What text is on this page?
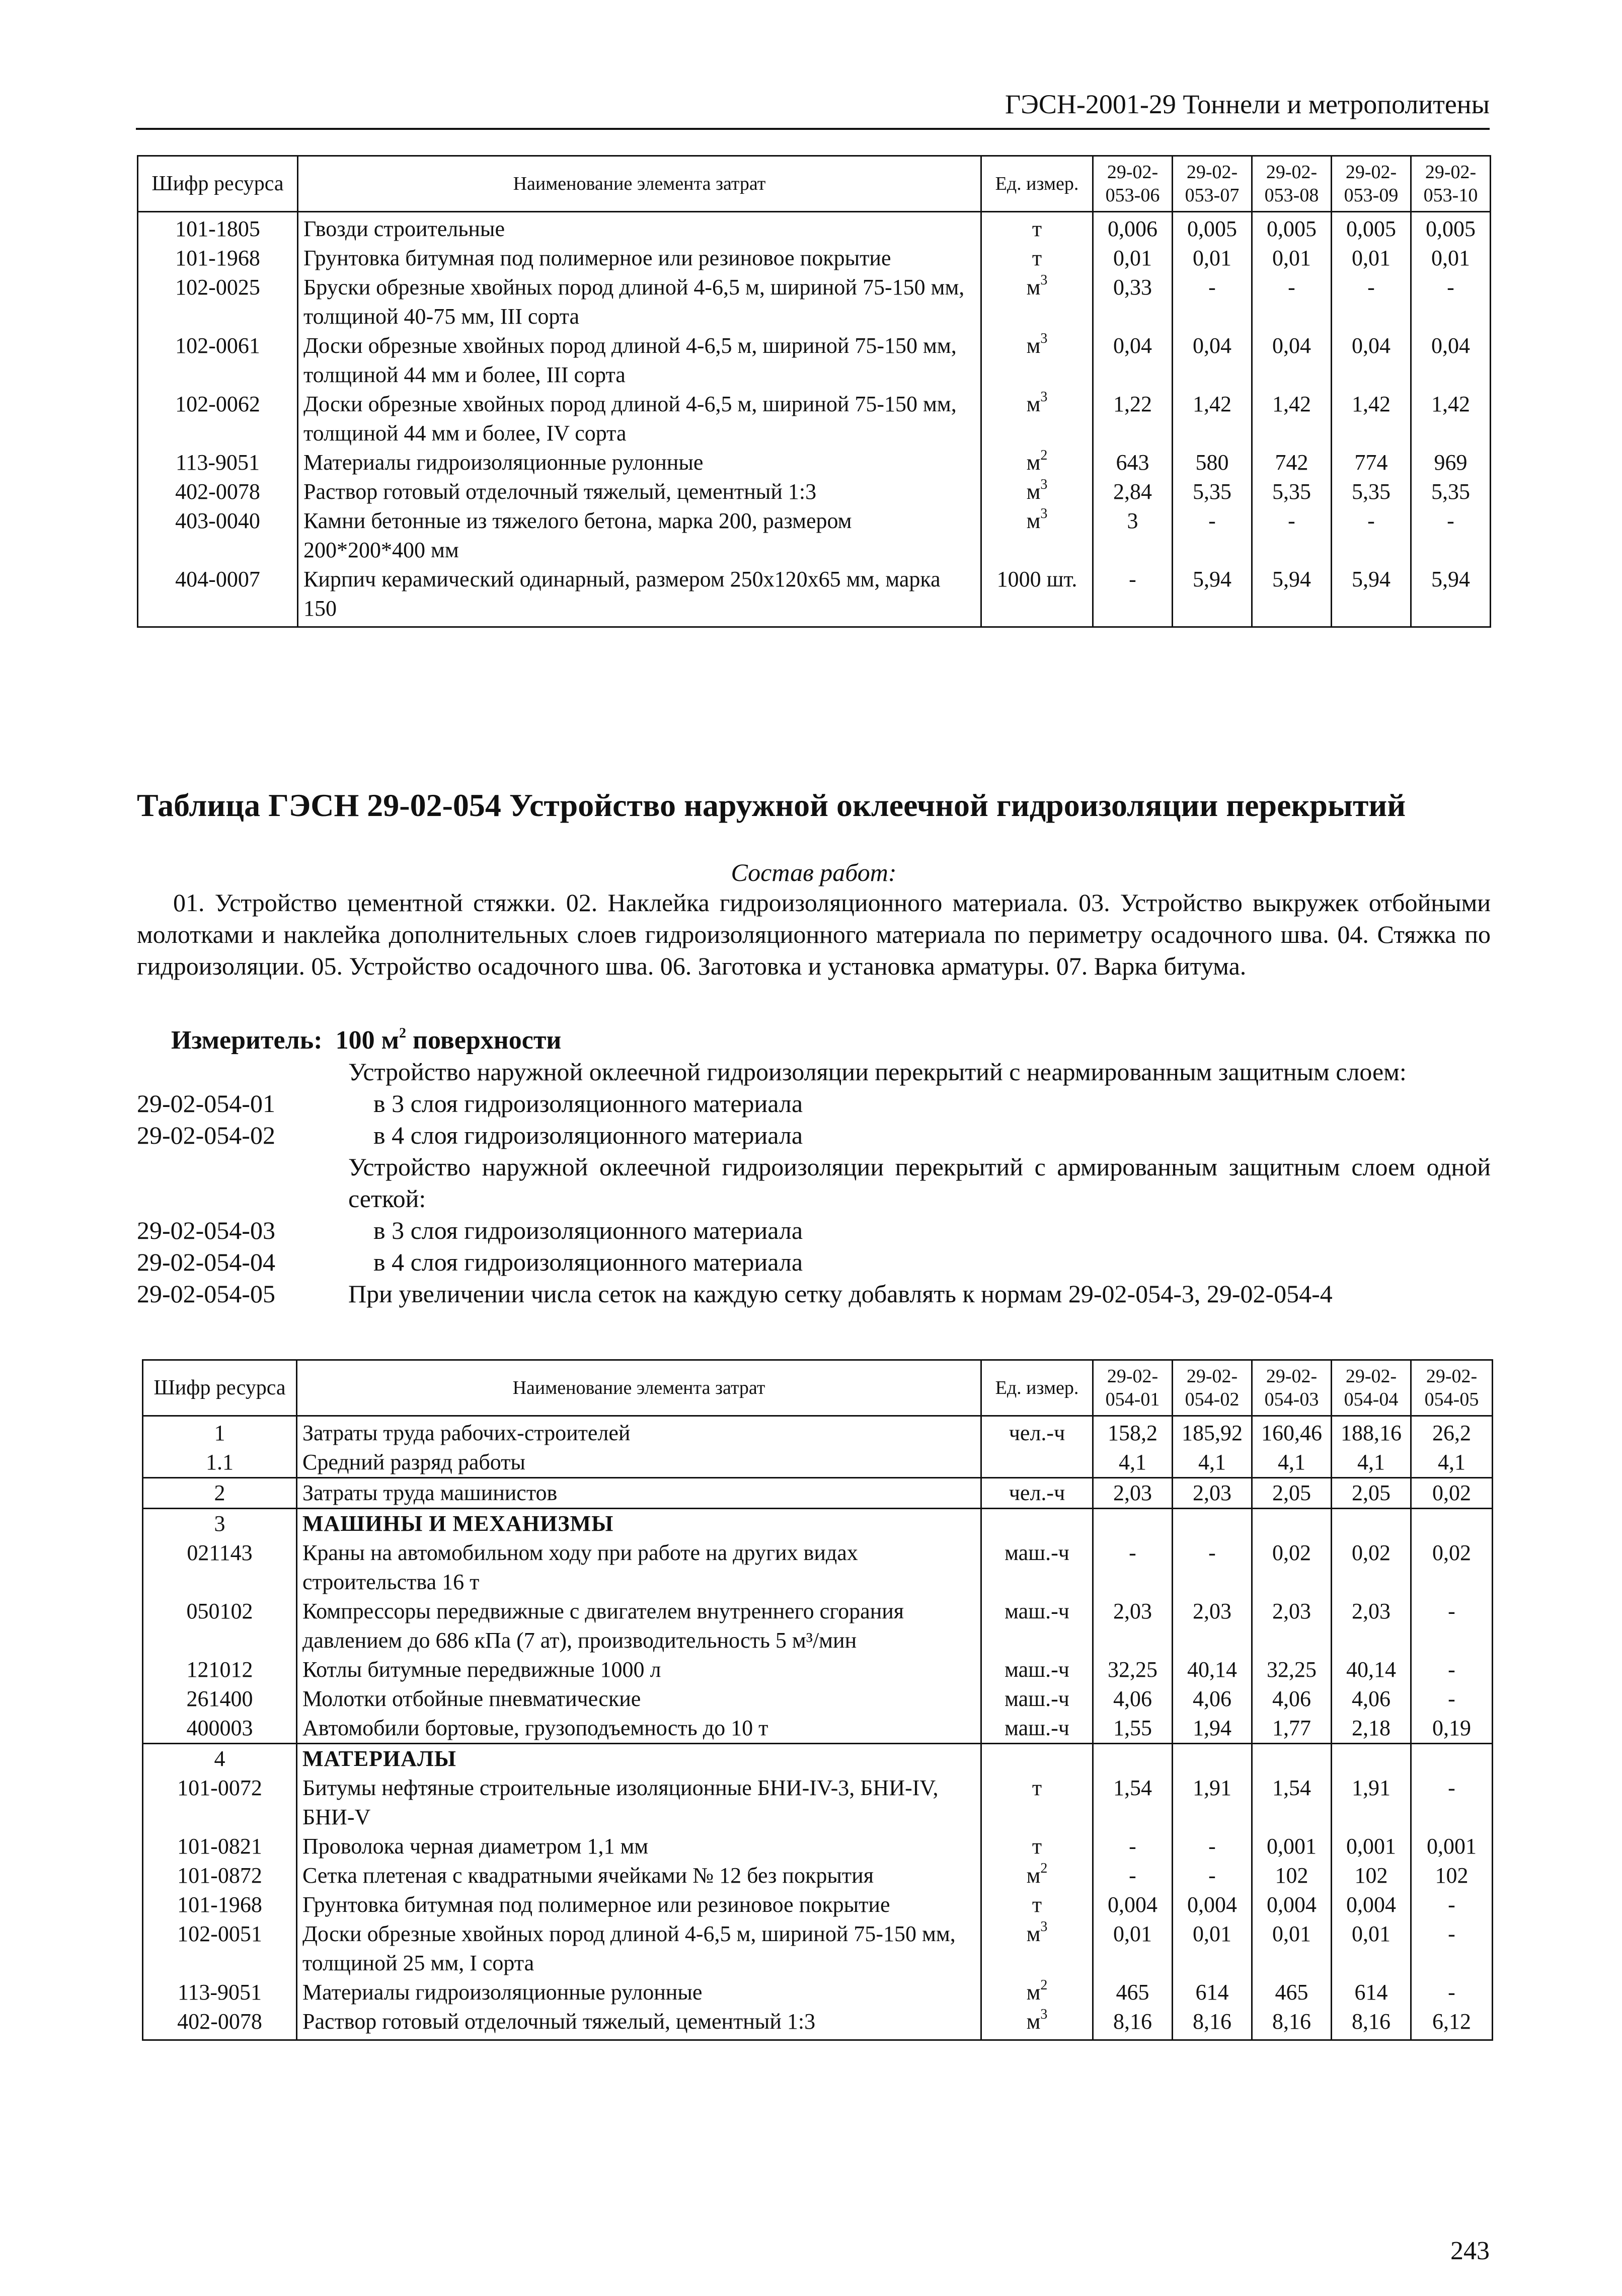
ГЭСН-2001-29 Тоннели и метрополитены
Шифр ресурса	Наименование элемента затрат	Ед. измер.	29-02-053-06	29-02-053-07	29-02-053-08	29-02-053-09	29-02-053-10
101-1805	Гвозди строительные	т	0,006	0,005	0,005	0,005	0,005
101-1968	Грунтовка битумная под полимерное или резиновое покрытие	т	0,01	0,01	0,01	0,01	0,01
102-0025	Бруски обрезные хвойных пород длиной 4-6,5 м, шириной 75-150 мм, толщиной 40-75 мм, III сорта	$м^3$	0,33	-	-	-	-
102-0061	Доски обрезные хвойных пород длиной 4-6,5 м, шириной 75-150 мм, толщиной 44 мм и более, III сорта	$м^3$	0,04	0,04	0,04	0,04	0,04
102-0062	Доски обрезные хвойных пород длиной 4-6,5 м, шириной 75-150 мм, толщиной 44 мм и более, IV сорта	$м^3$	1,22	1,42	1,42	1,42	1,42
113-9051	Материалы гидроизоляционные рулонные	$м^2$	643	580	742	774	969
402-0078	Раствор готовый отделочный тяжелый, цементный 1:3	$м^3$	2,84	5,35	5,35	5,35	5,35
403-0040	Камни бетонные из тяжелого бетона, марка 200, размером 200*200*400 мм	$м^3$	3	-	-	-	-
404-0007	Кирпич керамический одинарный, размером 250x120x65 мм, марка 150	1000 шт.	-	5,94	5,94	5,94	5,94
Таблица ГЭСН 29-02-054 Устройство наружной оклеечной гидроизоляции перекрытий
Состав работ:
01. Устройство цементной стяжки. 02. Наклейка гидроизоляционного материала. 03. Устройство выкружек отбойными молотками и наклейка дополнительных слоев гидроизоляционного материала по периметру осадочного шва. 04. Стяжка по гидроизоляции. 05. Устройство осадочного шва. 06. Заготовка и установка арматуры. 07. Варка битума.
Измеритель: 100 $м^2$ поверхности
Устройство наружной оклеечной гидроизоляции перекрытий с неармированным защитным слоем:
29-02-054-01	в 3 слоя гидроизоляционного материала
29-02-054-02	в 4 слоя гидроизоляционного материала
Устройство наружной оклеечной гидроизоляции перекрытий с армированным защитным слоем одной сеткой:
29-02-054-03	в 3 слоя гидроизоляционного материала
29-02-054-04	в 4 слоя гидроизоляционного материала
29-02-054-05	При увеличении числа сеток на каждую сетку добавлять к нормам 29-02-054-3, 29-02-054-4
Шифр ресурса	Наименование элемента затрат	Ед. измер.	29-02-054-01	29-02-054-02	29-02-054-03	29-02-054-04	29-02-054-05
1	Затраты труда рабочих-строителей	чел.-ч	158,2	185,92	160,46	188,16	26,2
1.1	Средний разряд работы		4,1	4,1	4,1	4,1	4,1
2	Затраты труда машинистов	чел.-ч	2,03	2,03	2,05	2,05	0,02
3	МАШИНЫ И МЕХАНИЗМЫ						
021143	Краны на автомобильном ходу при работе на других видах строительства 16 т	маш.-ч	-	-	0,02	0,02	0,02
050102	Компрессоры передвижные с двигателем внутреннего сгорания давлением до 686 кПа (7 ат), производительность 5 м³/мин	маш.-ч	2,03	2,03	2,03	2,03	-
121012	Котлы битумные передвижные 1000 л	маш.-ч	32,25	40,14	32,25	40,14	-
261400	Молотки отбойные пневматические	маш.-ч	4,06	4,06	4,06	4,06	-
400003	Автомобили бортовые, грузоподъемность до 10 т	маш.-ч	1,55	1,94	1,77	2,18	0,19
4	МАТЕРИАЛЫ						
101-0072	Битумы нефтяные строительные изоляционные БНИ-IV-3, БНИ-IV, БНИ-V	т	1,54	1,91	1,54	1,91	-
101-0821	Проволока черная диаметром 1,1 мм	т	-	-	0,001	0,001	0,001
101-0872	Сетка плетеная с квадратными ячейками № 12 без покрытия	$м^2$	-	-	102	102	102
101-1968	Грунтовка битумная под полимерное или резиновое покрытие	т	0,004	0,004	0,004	0,004	-
102-0051	Доски обрезные хвойных пород длиной 4-6,5 м, шириной 75-150 мм, толщиной 25 мм, I сорта	$м^3$	0,01	0,01	0,01	0,01	-
113-9051	Материалы гидроизоляционные рулонные	$м^2$	465	614	465	614	-
402-0078	Раствор готовый отделочный тяжелый, цементный 1:3	$м^3$	8,16	8,16	8,16	8,16	6,12
243
